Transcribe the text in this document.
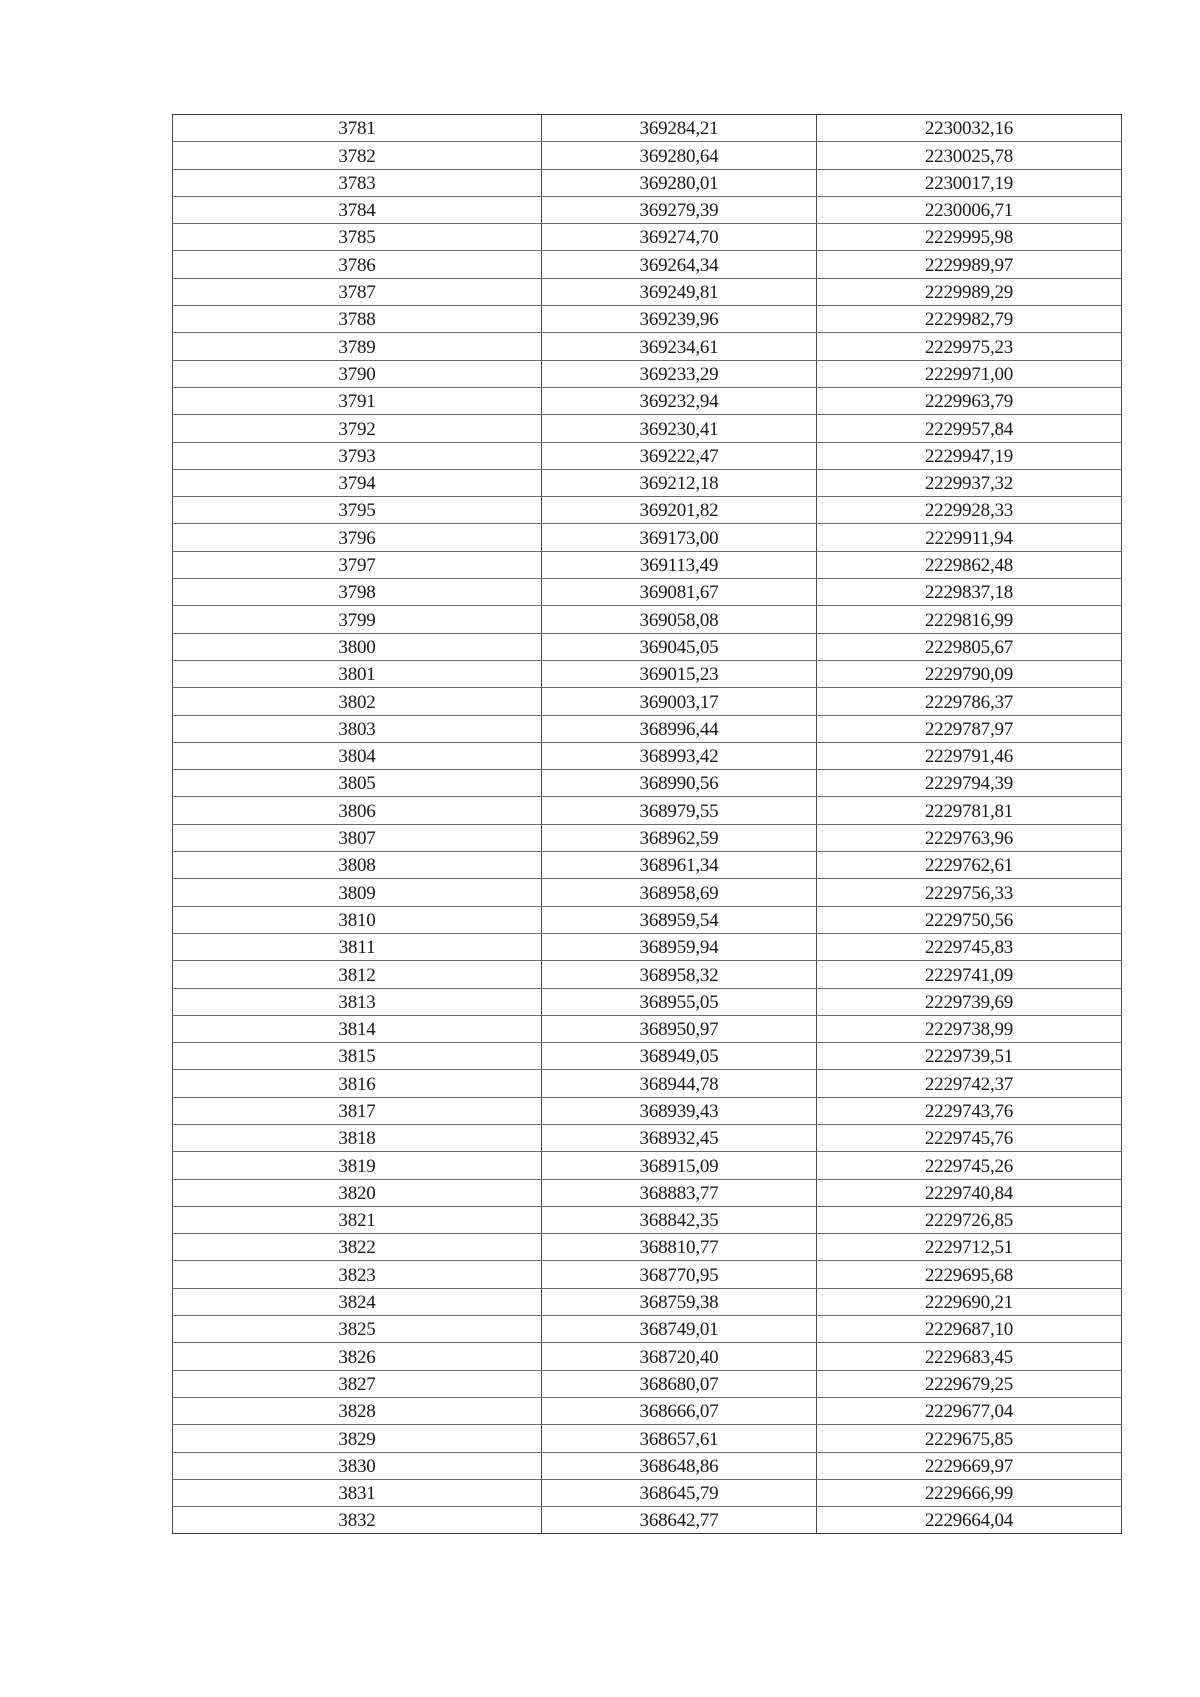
3781	369284,21	2230032,16
3782	369280,64	2230025,78
3783	369280,01	2230017,19
3784	369279,39	2230006,71
3785	369274,70	2229995,98
3786	369264,34	2229989,97
3787	369249,81	2229989,29
3788	369239,96	2229982,79
3789	369234,61	2229975,23
3790	369233,29	2229971,00
3791	369232,94	2229963,79
3792	369230,41	2229957,84
3793	369222,47	2229947,19
3794	369212,18	2229937,32
3795	369201,82	2229928,33
3796	369173,00	2229911,94
3797	369113,49	2229862,48
3798	369081,67	2229837,18
3799	369058,08	2229816,99
3800	369045,05	2229805,67
3801	369015,23	2229790,09
3802	369003,17	2229786,37
3803	368996,44	2229787,97
3804	368993,42	2229791,46
3805	368990,56	2229794,39
3806	368979,55	2229781,81
3807	368962,59	2229763,96
3808	368961,34	2229762,61
3809	368958,69	2229756,33
3810	368959,54	2229750,56
3811	368959,94	2229745,83
3812	368958,32	2229741,09
3813	368955,05	2229739,69
3814	368950,97	2229738,99
3815	368949,05	2229739,51
3816	368944,78	2229742,37
3817	368939,43	2229743,76
3818	368932,45	2229745,76
3819	368915,09	2229745,26
3820	368883,77	2229740,84
3821	368842,35	2229726,85
3822	368810,77	2229712,51
3823	368770,95	2229695,68
3824	368759,38	2229690,21
3825	368749,01	2229687,10
3826	368720,40	2229683,45
3827	368680,07	2229679,25
3828	368666,07	2229677,04
3829	368657,61	2229675,85
3830	368648,86	2229669,97
3831	368645,79	2229666,99
3832	368642,77	2229664,04
